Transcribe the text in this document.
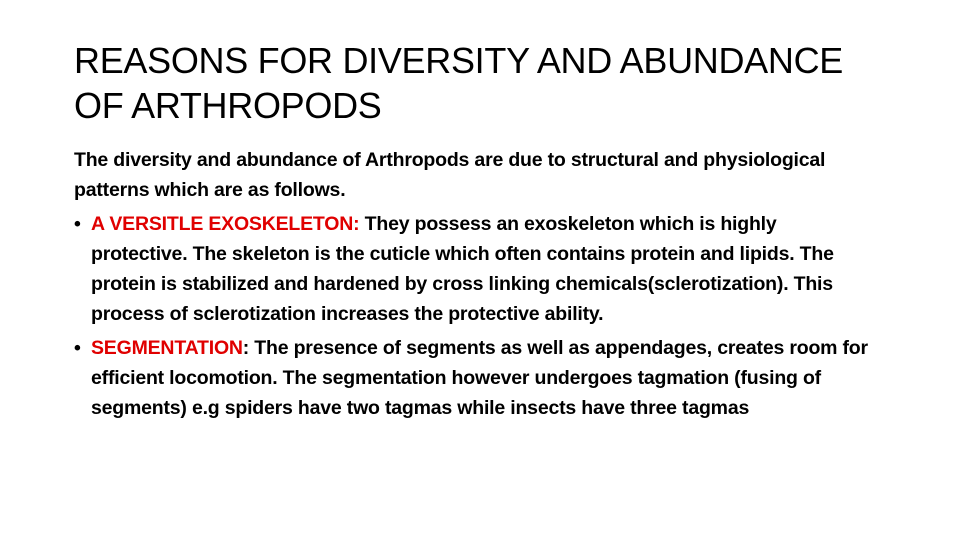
REASONS FOR DIVERSITY AND ABUNDANCE
OF ARTHROPODS

The diversity and abundance of Arthropods are due to structural and physiological patterns which are as follows.

•
A VERSITLE EXOSKELETON: They possess an exoskeleton which is highly protective. The skeleton is the cuticle which often contains protein and lipids. The protein is stabilized and hardened by cross linking chemicals(sclerotization). This process of sclerotization increases the protective ability.
•
SEGMENTATION: The presence of segments as well as appendages, creates room for efficient locomotion. The segmentation however undergoes tagmation (fusing of segments) e.g spiders have two tagmas while insects have three tagmas
